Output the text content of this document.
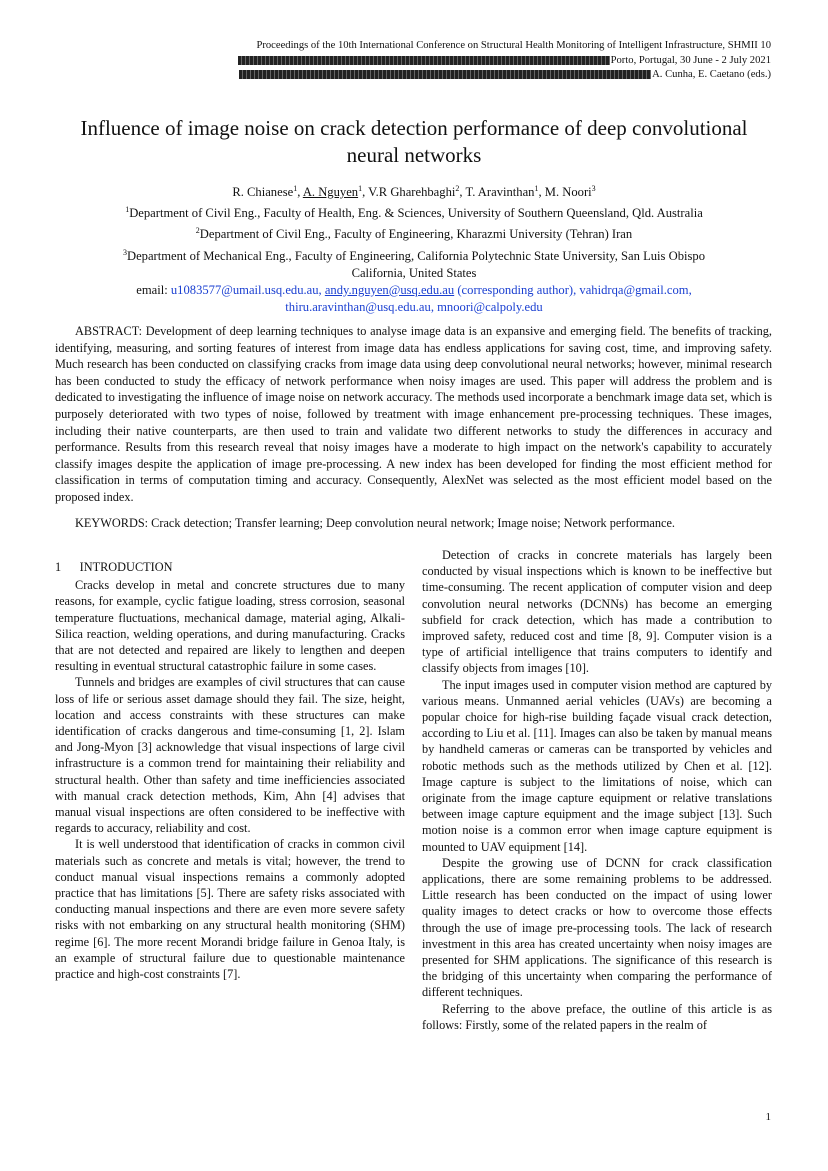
Proceedings of the 10th International Conference on Structural Health Monitoring of Intelligent Infrastructure, SHMII 10
Porto, Portugal, 30 June - 2 July 2021
A. Cunha, E. Caetano (eds.)
Influence of image noise on crack detection performance of deep convolutional neural networks
R. Chianese$^1$, A. Nguyen$^1$, V.R Gharehbaghi$^2$, T. Aravinthan$^1$, M. Noori$^3$
$^1$Department of Civil Eng., Faculty of Health, Eng. & Sciences, University of Southern Queensland, Qld. Australia
$^2$Department of Civil Eng., Faculty of Engineering, Kharazmi University (Tehran) Iran
$^3$Department of Mechanical Eng., Faculty of Engineering, California Polytechnic State University, San Luis Obispo
California, United States
email: u1083577@umail.usq.edu.au, andy.nguyen@usq.edu.au (corresponding author), vahidrqa@gmail.com,
thiru.aravinthan@usq.edu.au, mnoori@calpoly.edu
ABSTRACT: Development of deep learning techniques to analyse image data is an expansive and emerging field. The benefits of tracking, identifying, measuring, and sorting features of interest from image data has endless applications for saving cost, time, and improving safety. Much research has been conducted on classifying cracks from image data using deep convolutional neural networks; however, minimal research has been conducted to study the efficacy of network performance when noisy images are used. This paper will address the problem and is dedicated to investigating the influence of image noise on network accuracy. The methods used incorporate a benchmark image data set, which is purposely deteriorated with two types of noise, followed by treatment with image enhancement pre-processing techniques. These images, including their native counterparts, are then used to train and validate two different networks to study the differences in accuracy and performance. Results from this research reveal that noisy images have a moderate to high impact on the network's capability to accurately classify images despite the application of image pre-processing. A new index has been developed for finding the most efficient method for classification in terms of computation timing and accuracy. Consequently, AlexNet was selected as the most efficient model based on the proposed index.
KEYWORDS: Crack detection; Transfer learning; Deep convolution neural network; Image noise; Network performance.
1 INTRODUCTION

Cracks develop in metal and concrete structures due to many reasons, for example, cyclic fatigue loading, stress corrosion, seasonal temperature fluctuations, mechanical damage, material aging, Alkali-Silica reaction, welding operations, and during manufacturing. Cracks that are not detected and repaired are likely to lengthen and deepen resulting in eventual structural catastrophic failure in some cases.

Tunnels and bridges are examples of civil structures that can cause loss of life or serious asset damage should they fail. The size, height, location and access constraints with these structures can make identification of cracks dangerous and time-consuming [1, 2]. Islam and Jong-Myon [3] acknowledge that visual inspections of large civil infrastructure is a common trend for maintaining their reliability and structural health. Other than safety and time inefficiencies associated with manual crack detection methods, Kim, Ahn [4] advises that manual visual inspections are often considered to be ineffective with regards to accuracy, reliability and cost.

It is well understood that identification of cracks in common civil materials such as concrete and metals is vital; however, the trend to conduct manual visual inspections remains a commonly adopted practice that has limitations [5]. There are safety risks associated with conducting manual inspections and there are even more severe safety risks with not embarking on any structural health monitoring (SHM) regime [6]. The more recent Morandi bridge failure in Genoa Italy, is an example of structural failure due to questionable maintenance practice and high-cost constraints [7].

Detection of cracks in concrete materials has largely been conducted by visual inspections which is known to be ineffective but time-consuming. The recent application of computer vision and deep convolution neural networks (DCNNs) has become an emerging subfield for crack detection, which has made a contribution to improved safety, reduced cost and time [8, 9]. Computer vision is a type of artificial intelligence that trains computers to identify and classify objects from images [10].

The input images used in computer vision method are captured by various means. Unmanned aerial vehicles (UAVs) are becoming a popular choice for high-rise building façade visual crack detection, according to Liu et al. [11]. Images can also be taken by manual means by handheld cameras or cameras can be transported by vehicles and robotic methods such as the methods utilized by Chen et al. [12]. Image capture is subject to the limitations of noise, which can originate from the image capture equipment or relative translations between image capture equipment and the image subject [13]. Such motion noise is a common error when image capture equipment is mounted to UAV equipment [14].

Despite the growing use of DCNN for crack classification applications, there are some remaining problems to be addressed. Little research has been conducted on the impact of using lower quality images to detect cracks or how to overcome those effects through the use of image pre-processing tools. The lack of research investment in this area has created uncertainty when noisy images are presented for SHM applications. The significance of this research is the bridging of this uncertainty when comparing the performance of different techniques.

Referring to the above preface, the outline of this article is as follows: Firstly, some of the related papers in the realm of

1
